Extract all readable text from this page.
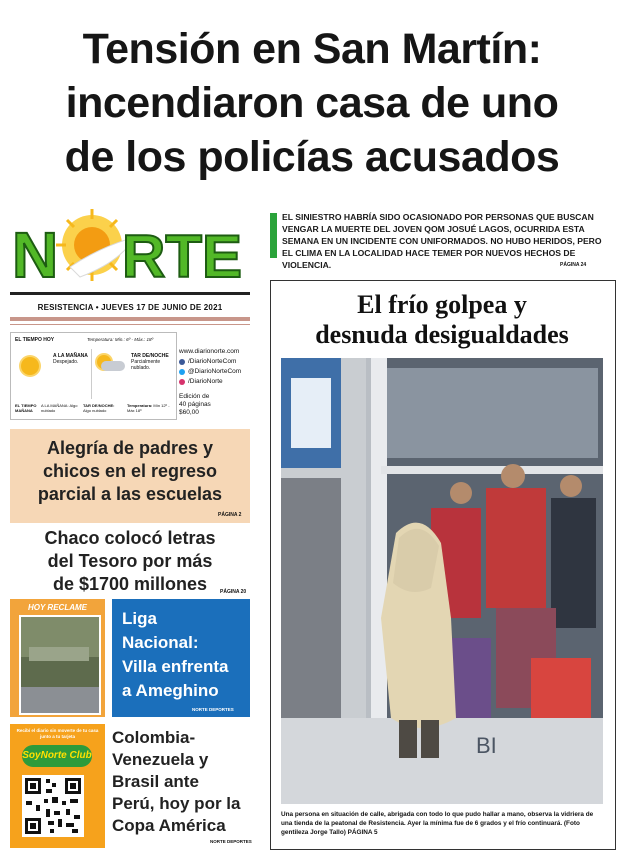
Tensión en San Martín:
incendiaron casa de uno
de los policías acusados
N RTE
RESISTENCIA • JUEVES 17 DE JUNIO DE 2021
EL TIEMPO HOY	Temperatura: Mín.: 6º - Máx.: 18º
A LA MAÑANA
Despejado.
TAR DE/NOCHE
Parcialmente nublado.
EL TIEMPO MAÑANA
A LA MAÑANA: Algo nublado
TAR DE/NOCHE: Algo nublado
Temperatura: Mín 12º - Máx 18º
www.diarionorte.com
/DiarioNorteCom
@DiarioNorteCom
/DiarioNorte
Edición de
40 páginas
$60,00
EL SINIESTRO HABRÍA SIDO OCASIONADO POR PERSONAS QUE BUSCAN VENGAR LA MUERTE DEL JOVEN QOM JOSUÉ LAGOS, OCURRIDA ESTA SEMANA EN UN INCIDENTE CON UNIFORMADOS. NO HUBO HERIDOS, PERO EL CLIMA EN LA LOCALIDAD HACE TEMER POR NUEVOS HECHOS DE VIOLENCIA.	PÁGINA 24
El frío golpea y
desnuda desigualdades
BI
Una persona en situación de calle, abrigada con todo lo que pudo hallar a mano, observa la vidriera de una tienda de la peatonal de Resistencia. Ayer la mínima fue de 6 grados y el frío continuará. (Foto gentileza Jorge Tallo) PÁGINA 5
Alegría de padres y
chicos en el regreso
parcial a las escuelas
PÁGINA 2
Chaco colocó letras
del Tesoro por más
de $1700 millones	PÁGINA 20
HOY RECLAME
Liga
Nacional:
Villa enfrenta
a Ameghino
NORTE DEPORTES
Recibí el diario sin moverte de tu casa junto a tu tarjeta
SoyNorte Club
Colombia-
Venezuela y
Brasil ante
Perú, hoy por la
Copa América
NORTE DEPORTES
